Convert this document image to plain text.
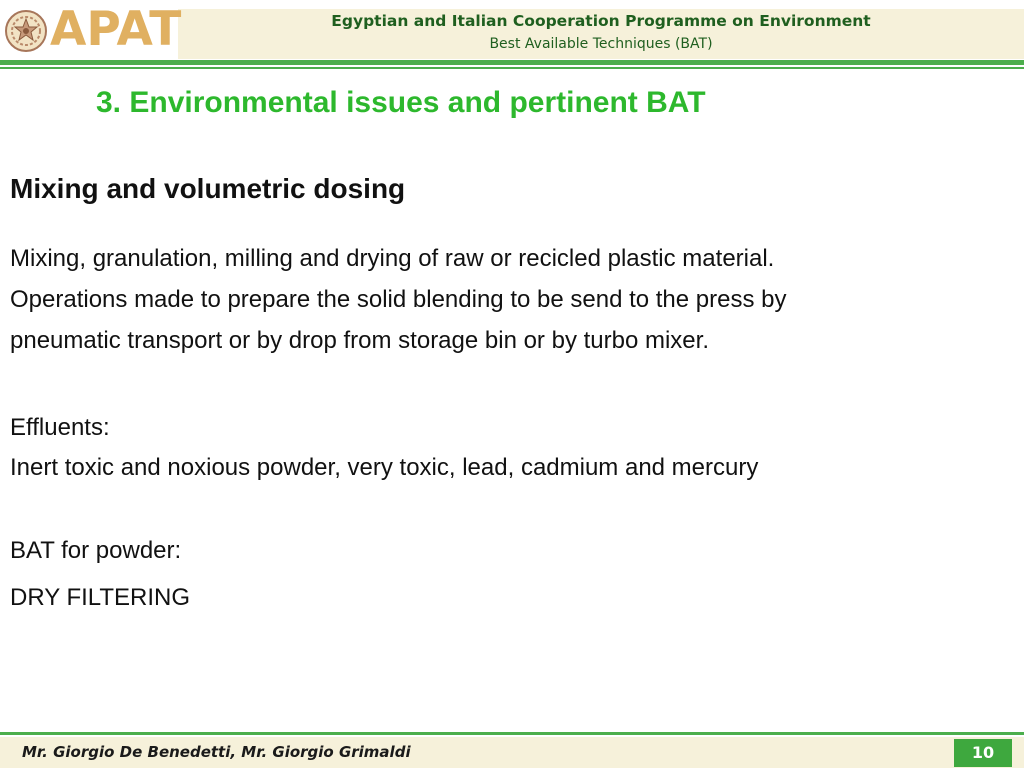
APAT	Egyptian and Italian Cooperation Programme on Environment
Best Available Techniques (BAT)
3. Environmental issues and pertinent BAT
Mixing and volumetric dosing
Mixing, granulation, milling and drying of raw or recicled plastic material.
Operations made to prepare the solid blending to be send to the press by
pneumatic transport or by drop from storage bin or by turbo mixer.
Effluents:
Inert toxic and noxious powder, very toxic, lead, cadmium and mercury
BAT for powder:
DRY FILTERING
Mr. Giorgio De Benedetti, Mr. Giorgio Grimaldi	10
